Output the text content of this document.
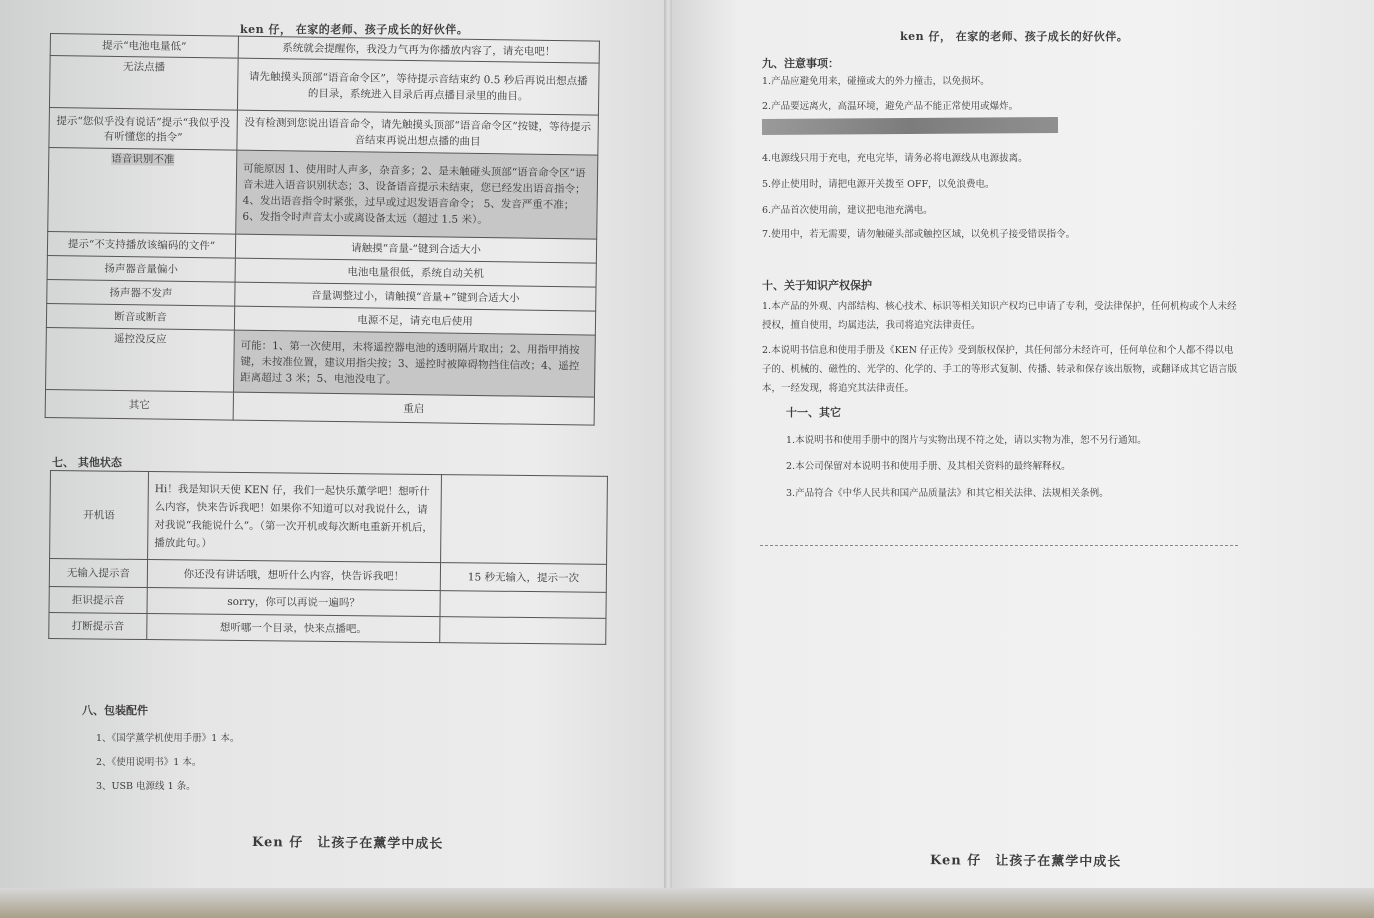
ken 仔， 在家的老师、孩子成长的好伙伴。
ken 仔， 在家的老师、孩子成长的好伙伴。
提示“电池电量低”	系统就会提醒你，我没力气再为你播放内容了，请充电吧！
无法点播	请先触摸头顶部“语音命令区”，等待提示音结束约 0.5 秒后再说出想点播的目录，系统进入目录后再点播目录里的曲目。
提示“您似乎没有说话”提示“我似乎没有听懂您的指令”	没有检测到您说出语音命令，请先触摸头顶部“语音命令区”按键，等待提示音结束再说出想点播的曲目
语音识别不准	可能原因 1、使用时人声多，杂音多；2、是未触碰头顶部“语音命令区”语音未进入语音识别状态；3、设备语音提示未结束，您已经发出语音指令；4、发出语音指令时紧张，过早或过迟发语音命令； 5、发音严重不准；6、发指令时声音太小或离设备太远（超过 1.5 米）。
提示“不支持播放该编码的文件”	请触摸“音量-”键到合适大小
扬声器音量偏小	电池电量很低，系统自动关机
扬声器不发声	音量调整过小，请触摸“音量+”键到合适大小
断音或断音	电源不足，请充电后使用
遥控没反应	可能：1、第一次使用，未将遥控器电池的透明隔片取出；2、用指甲捎按键，未按准位置，建议用指尖按；3、遥控时被障碍物挡住信改；4、遥控距离超过 3 米；5、电池没电了。
其它	重启
七、 其他状态
开机语	Hi！我是知识天使 KEN 仔，我们一起快乐薰学吧！想听什么内容，快来告诉我吧！如果你不知道可以对我说什么，请对我说“我能说什么”。（第一次开机或每次断电重新开机后，播放此句。）	
无输入提示音	你还没有讲话哦，想听什么内容，快告诉我吧！	15 秒无输入，提示一次
拒识提示音	sorry，你可以再说一遍吗？	
打断提示音	想听哪一个目录，快来点播吧。	
八、包装配件
1、《国学薰学机使用手册》1 本。
2、《使用说明书》1 本。
3、USB 电源线 1 条。
Ken 仔　让孩子在薰学中成长
九、注意事项：
1.产品应避免用来，碰撞或大的外力撞击，以免损坏。
2.产品要远离火，高温环境，避免产品不能正常使用或爆炸。
4.电源线只用于充电，充电完毕，请务必将电源线从电源拔离。
5.停止使用时，请把电源开关拨至 OFF，以免浪费电。
6.产品首次使用前，建议把电池充满电。
7.使用中，若无需要，请勿触碰头部或触控区域，以免机子接受错误指令。
十、关于知识产权保护
1.本产品的外观、内部结构、核心技术、标识等相关知识产权均已申请了专利，受法律保护，任何机构或个人未经授权，擅自使用，均属违法，我司将追究法律责任。
2.本说明书信息和使用手册及《KEN 仔正传》受到版权保护，其任何部分未经许可，任何单位和个人都不得以电子的、机械的、磁性的、光学的、化学的、手工的等形式复制、传播、转录和保存该出版物，或翻译成其它语言版本，一经发现，将追究其法律责任。
十一、其它
1.本说明书和使用手册中的图片与实物出现不符之处，请以实物为准，恕不另行通知。
2.本公司保留对本说明书和使用手册、及其相关资料的最终解释权。
3.产品符合《中华人民共和国产品质量法》和其它相关法律、法规相关条例。
Ken 仔　让孩子在薰学中成长
